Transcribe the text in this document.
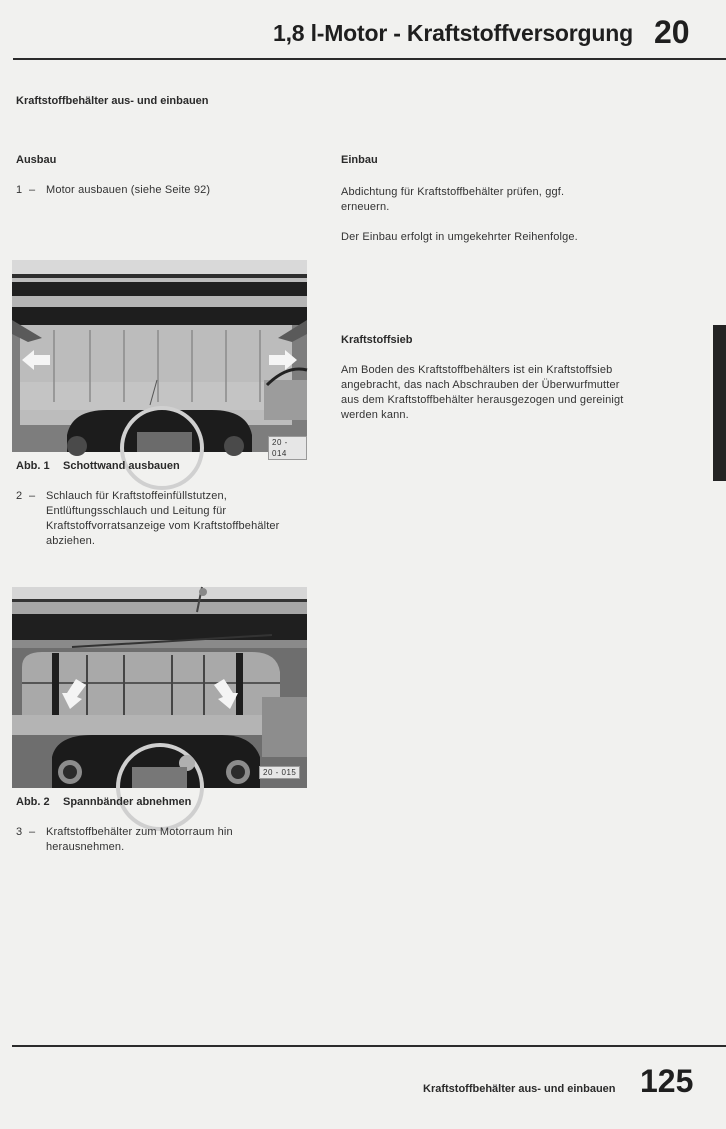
1,8 l-Motor - Kraftstoffversorgung 20
Kraftstoffbehälter aus- und einbauen
Ausbau
1 – Motor ausbauen (siehe Seite 92)
20 - 014
Abb. 1 Schottwand ausbauen
2 – Schlauch für Kraftstoffeinfüllstutzen, Entlüftungsschlauch und Leitung für Kraftstoffvorratsanzeige vom Kraftstoffbehälter abziehen.
20 - 015
Abb. 2 Spannbänder abnehmen
3 – Kraftstoffbehälter zum Motorraum hin herausnehmen.
Einbau
Abdichtung für Kraftstoffbehälter prüfen, ggf. erneuern.
Der Einbau erfolgt in umgekehrter Reihenfolge.
Kraftstoffsieb
Am Boden des Kraftstoffbehälters ist ein Kraftstoffsieb angebracht, das nach Abschrauben der Überwurfmutter aus dem Kraftstoffbehälter herausgezogen und gereinigt werden kann.
Kraftstoffbehälter aus- und einbauen 125
